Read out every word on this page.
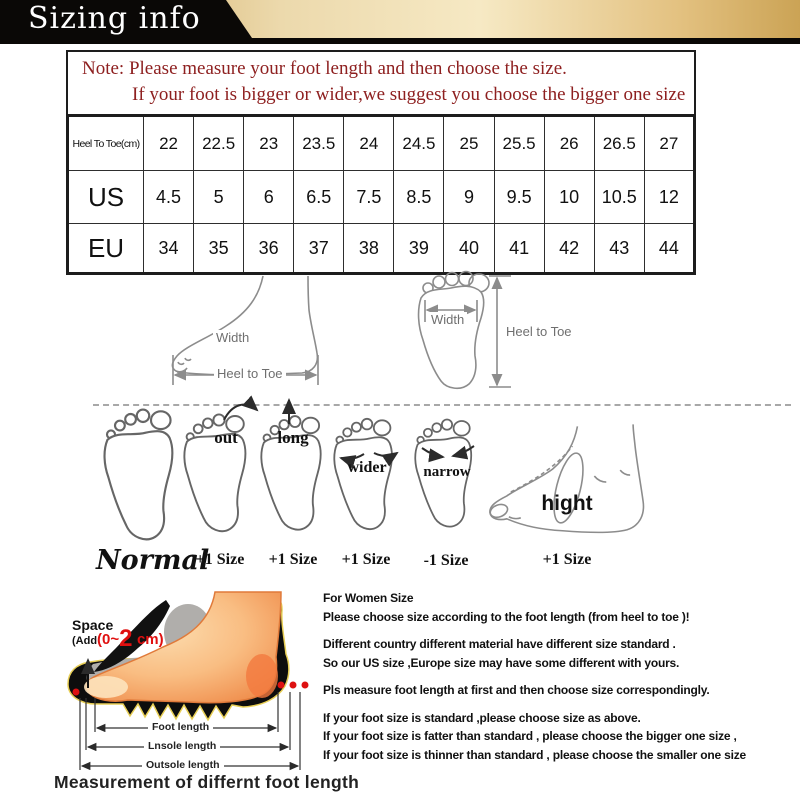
Sizing info

Note: Please measure your foot length and then choose the size.

If your foot is bigger or wider,we suggest you choose the bigger one size

Heel To Toe(cm)	22	22.5	23	23.5	24	24.5	25	25.5	26	26.5	27
US	4.5	5	6	6.5	7.5	8.5	9	9.5	10	10.5	12
EU	34	35	36	37	38	39	40	41	42	43	44
Width
Heel to Toe
Width
Heel to Toe
Normal
out
+1 Size
long
+1 Size
wider
+1 Size
narrow
-1 Size
hight
+1 Size
Space
(Add(0~2 cm)
Foot length
Lnsole length
Outsole length
Measurement of differnt foot length

For Women Size

Please choose size according to the foot length (from heel to toe )!

Different country different material have different size standard .

So our US size ,Europe size may have some different with yours.

Pls measure foot length at first and then choose size correspondingly.

If your foot size is standard ,please choose size as above.

If your foot size is fatter than standard , please choose the bigger one size ,

If your foot size is thinner than standard , please choose the smaller one size
